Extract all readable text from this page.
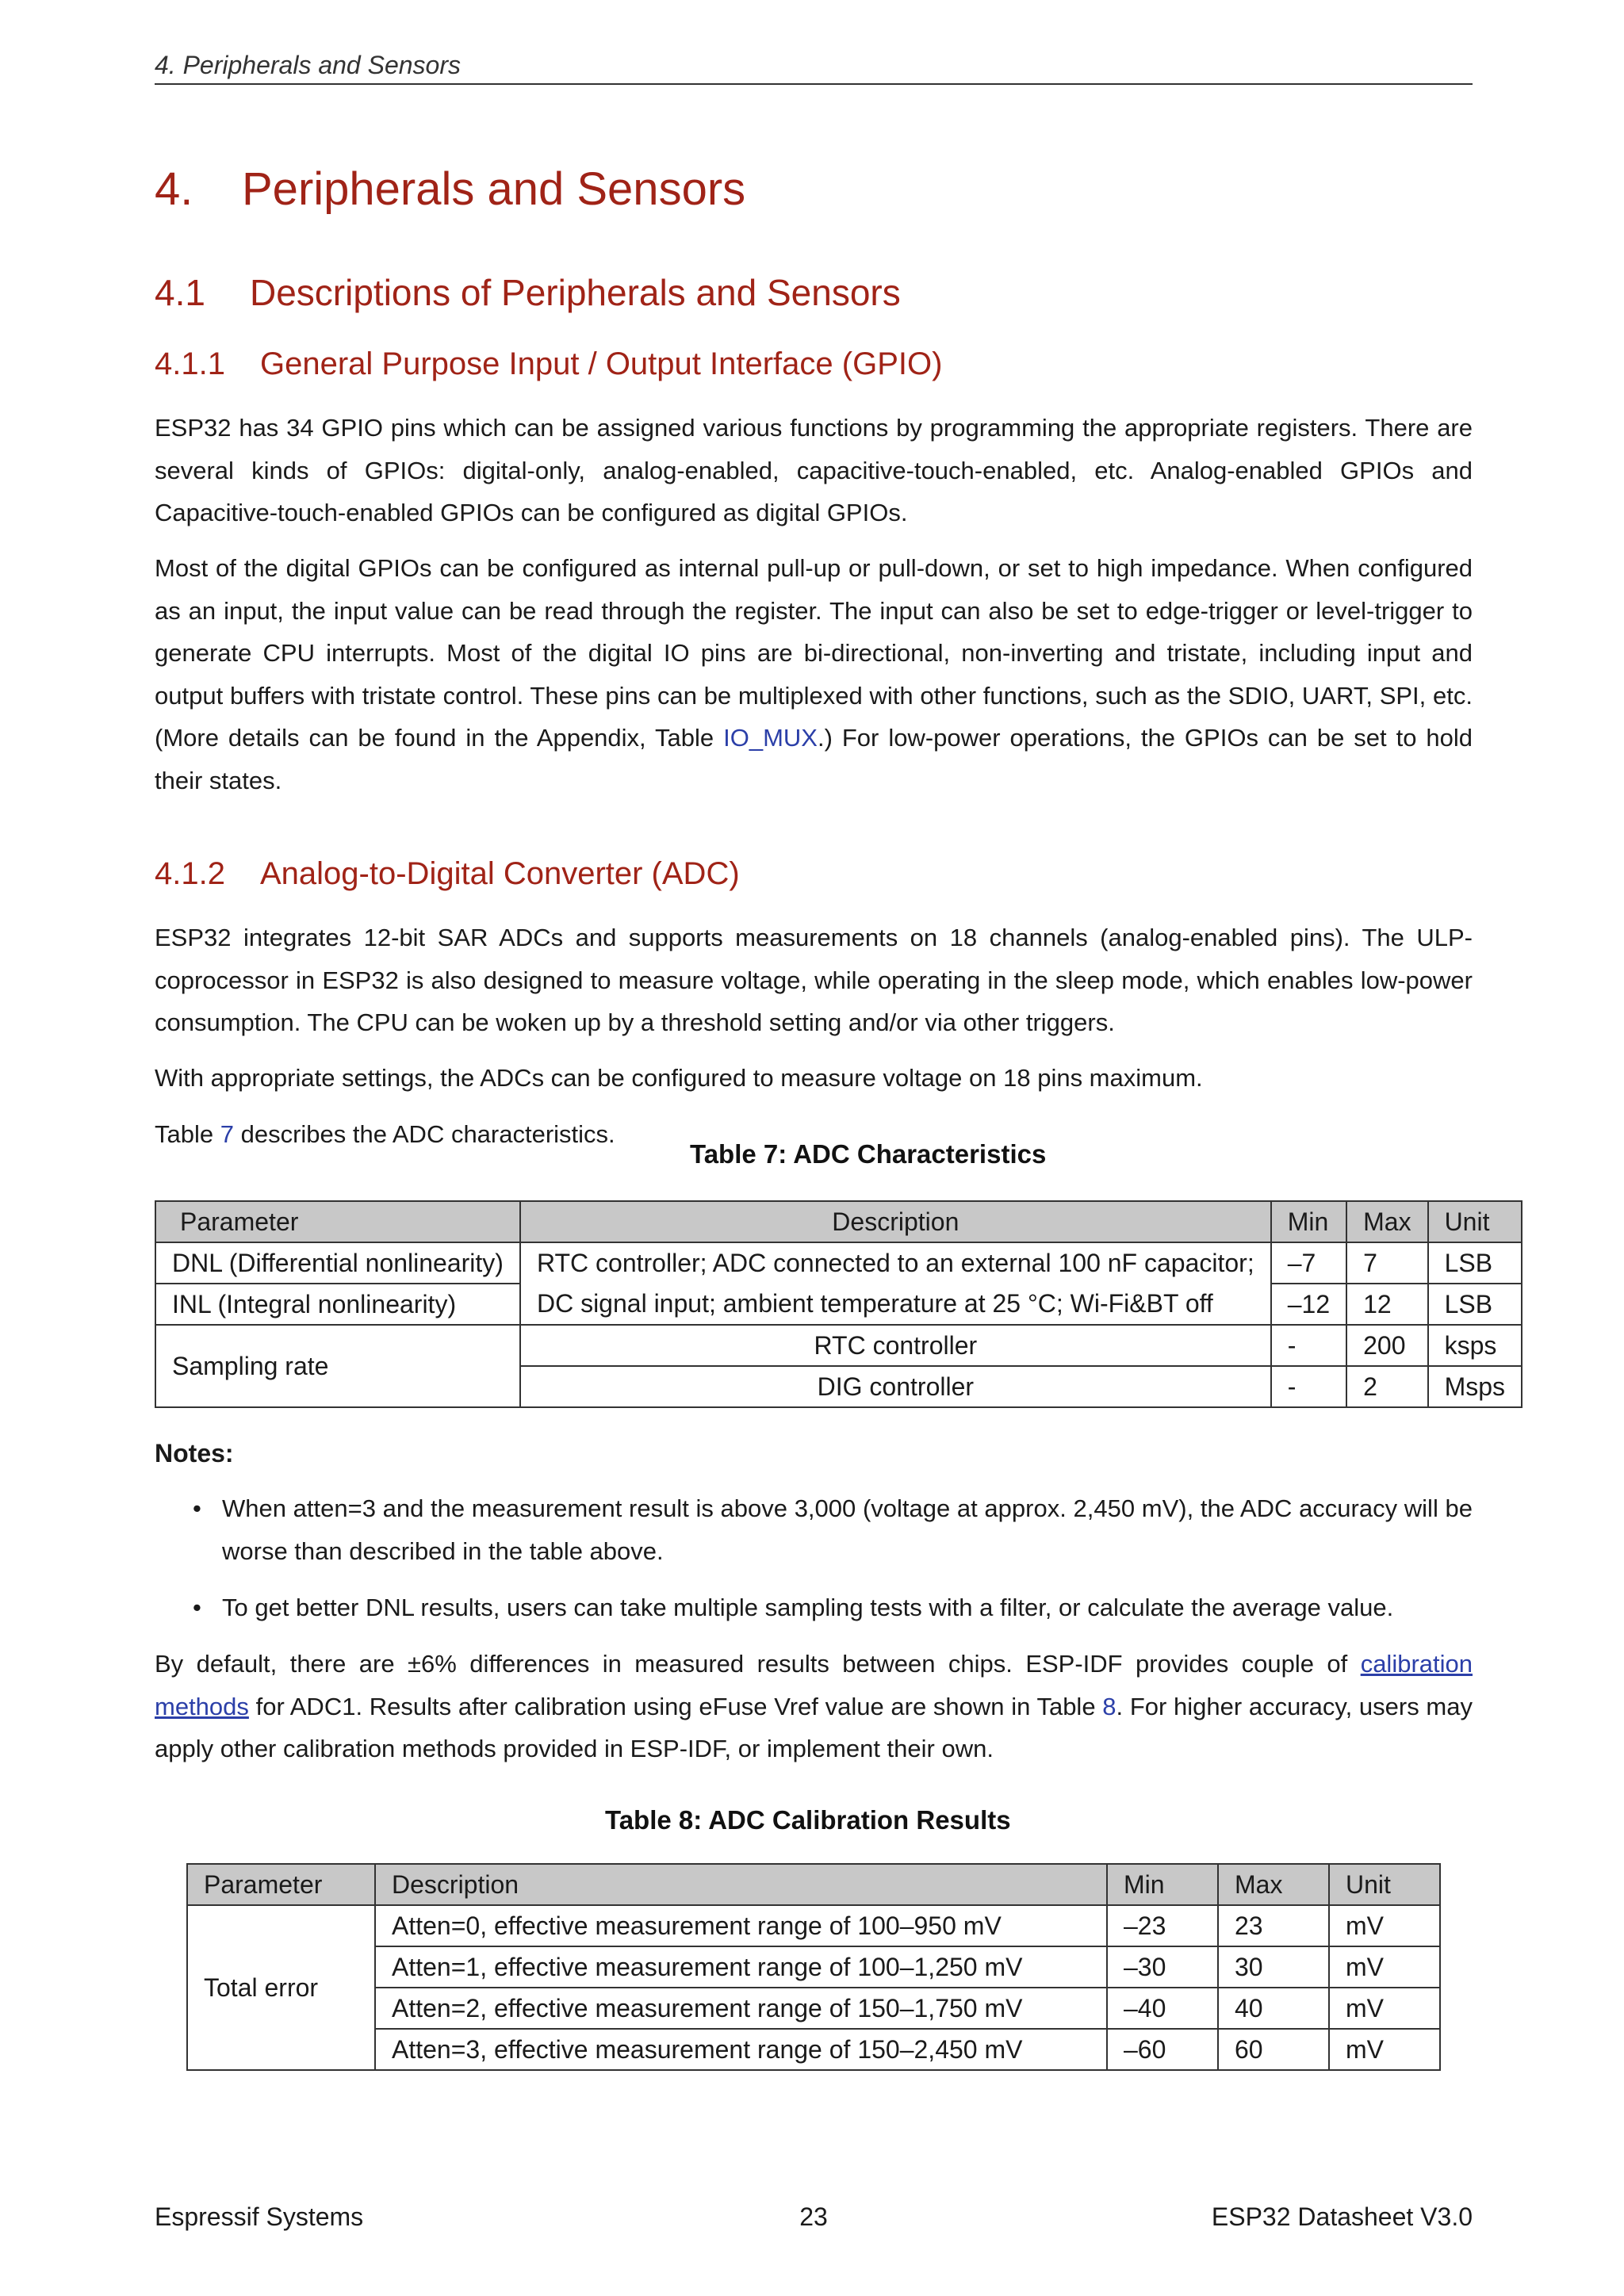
4. Peripherals and Sensors
4. Peripherals and Sensors
4.1 Descriptions of Peripherals and Sensors
4.1.1 General Purpose Input / Output Interface (GPIO)

ESP32 has 34 GPIO pins which can be assigned various functions by programming the appropriate registers. There are several kinds of GPIOs: digital-only, analog-enabled, capacitive-touch-enabled, etc. Analog-enabled GPIOs and Capacitive-touch-enabled GPIOs can be configured as digital GPIOs.

Most of the digital GPIOs can be configured as internal pull-up or pull-down, or set to high impedance. When configured as an input, the input value can be read through the register. The input can also be set to edge-trigger or level-trigger to generate CPU interrupts. Most of the digital IO pins are bi-directional, non-inverting and tristate, including input and output buffers with tristate control. These pins can be multiplexed with other functions, such as the SDIO, UART, SPI, etc. (More details can be found in the Appendix, Table IO_MUX.) For low-power operations, the GPIOs can be set to hold their states.

4.1.2 Analog-to-Digital Converter (ADC)

ESP32 integrates 12-bit SAR ADCs and supports measurements on 18 channels (analog-enabled pins). The ULP-coprocessor in ESP32 is also designed to measure voltage, while operating in the sleep mode, which enables low-power consumption. The CPU can be woken up by a threshold setting and/or via other triggers.

With appropriate settings, the ADCs can be configured to measure voltage on 18 pins maximum.

Table 7 describes the ADC characteristics.

Table 7: ADC Characteristics

Parameter	Description	Min	Max	Unit
DNL (Differential nonlinearity)	RTC controller; ADC connected to an external 100 nF capacitor;	–7	7	LSB
INL (Integral nonlinearity)	DC signal input; ambient temperature at 25 °C; Wi-Fi&BT off	–12	12	LSB
Sampling rate	RTC controller	-	200	ksps
	DIG controller	-	2	Msps

Notes:

• When atten=3 and the measurement result is above 3,000 (voltage at approx. 2,450 mV), the ADC accuracy will be worse than described in the table above.
• To get better DNL results, users can take multiple sampling tests with a filter, or calculate the average value.

By default, there are ±6% differences in measured results between chips. ESP-IDF provides couple of calibration methods for ADC1. Results after calibration using eFuse Vref value are shown in Table 8. For higher accuracy, users may apply other calibration methods provided in ESP-IDF, or implement their own.

Table 8: ADC Calibration Results

Parameter	Description	Min	Max	Unit
Total error	Atten=0, effective measurement range of 100–950 mV	–23	23	mV
	Atten=1, effective measurement range of 100–1,250 mV	–30	30	mV
	Atten=2, effective measurement range of 150–1,750 mV	–40	40	mV
	Atten=3, effective measurement range of 150–2,450 mV	–60	60	mV
23
Espressif Systems	ESP32 Datasheet V3.0
